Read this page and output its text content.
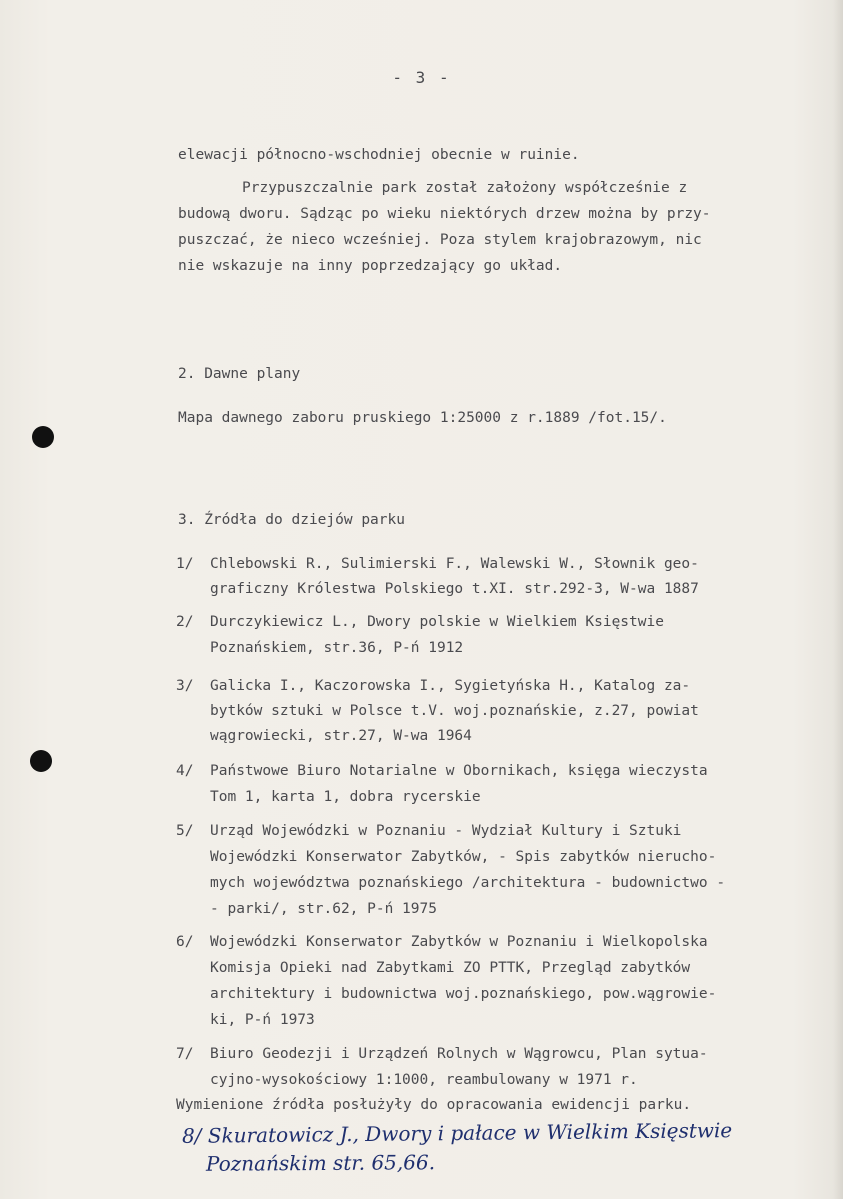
- 3 -
elewacji północno-wschodniej obecnie w ruinie.
Przypuszczalnie park został założony współcześnie z
budową dworu. Sądząc po wieku niektórych drzew można by przy-
puszczać, że nieco wcześniej. Poza stylem krajobrazowym, nic
nie wskazuje na inny poprzedzający go układ.
2. Dawne plany
Mapa dawnego zaboru pruskiego 1:25000 z r.1889 /fot.15/.
3. Źródła do dziejów parku
1/ Chlebowski R., Sulimierski F., Walewski W., Słownik geo-
graficzny Królestwa Polskiego t.XI. str.292-3, W-wa 1887
2/ Durczykiewicz L., Dwory polskie w Wielkiem Księstwie
Poznańskiem, str.36, P-ń 1912
3/ Galicka I., Kaczorowska I., Sygietyńska H., Katalog za-
bytków sztuki w Polsce t.V. woj.poznańskie, z.27, powiat
wągrowiecki, str.27, W-wa 1964
4/ Państwowe Biuro Notarialne w Obornikach, księga wieczysta
Tom 1, karta 1, dobra rycerskie
5/ Urząd Wojewódzki w Poznaniu - Wydział Kultury i Sztuki
Wojewódzki Konserwator Zabytków, - Spis zabytków nierucho-
mych województwa poznańskiego /architektura - budownictwo -
- parki/, str.62, P-ń 1975
6/ Wojewódzki Konserwator Zabytków w Poznaniu i Wielkopolska
Komisja Opieki nad Zabytkami ZO PTTK, Przegląd zabytków
architektury i budownictwa woj.poznańskiego, pow.wągrowie-
ki, P-ń 1973
7/ Biuro Geodezji i Urządzeń Rolnych w Wągrowcu, Plan sytua-
cyjno-wysokościowy 1:1000, reambulowany w 1971 r.
Wymienione źródła posłużyły do opracowania ewidencji parku.
8/ Skuratowicz J., Dwory i pałace w Wielkim Księstwie
Poznańskim str. 65,66.
